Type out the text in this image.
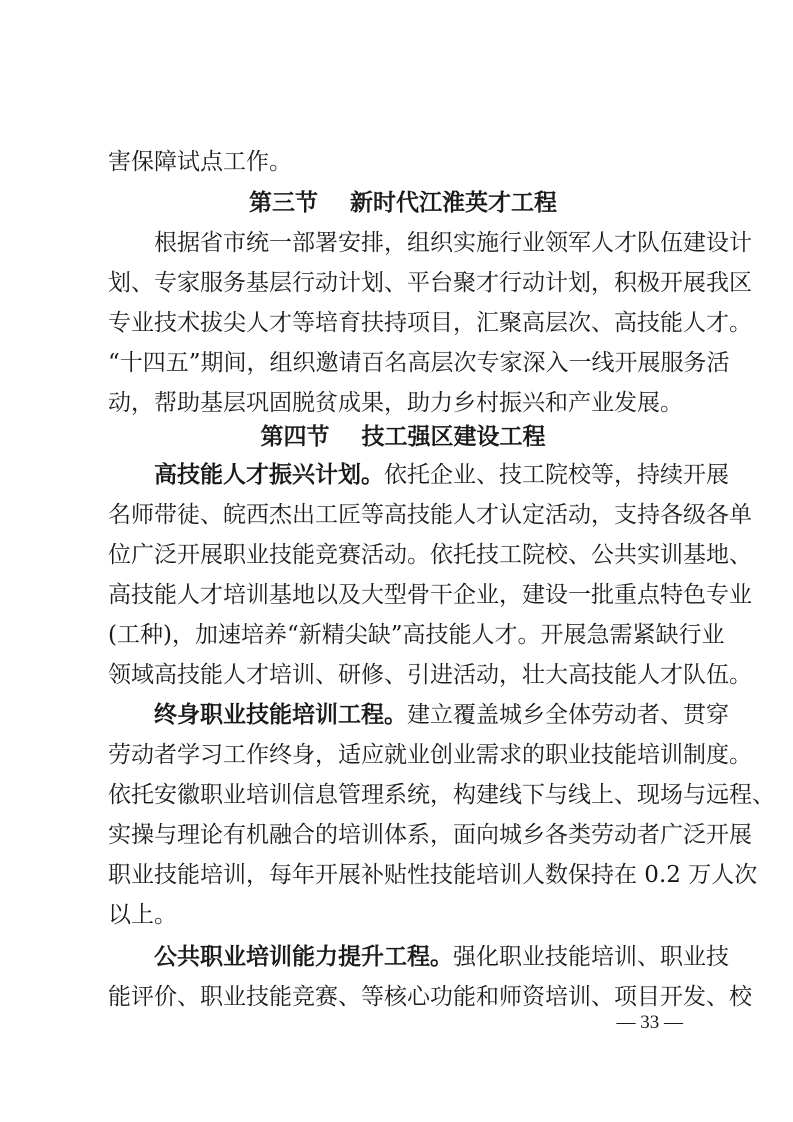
害保障试点工作。
第三节    新时代江淮英才工程
根据省市统一部署安排，组织实施行业领军人才队伍建设计
划、专家服务基层行动计划、平台聚才行动计划，积极开展我区
专业技术拔尖人才等培育扶持项目，汇聚高层次、高技能人才。
“十四五”期间，组织邀请百名高层次专家深入一线开展服务活
动，帮助基层巩固脱贫成果，助力乡村振兴和产业发展。
第四节    技工强区建设工程
高技能人才振兴计划。依托企业、技工院校等，持续开展
名师带徒、皖西杰出工匠等高技能人才认定活动，支持各级各单
位广泛开展职业技能竞赛活动。依托技工院校、公共实训基地、
高技能人才培训基地以及大型骨干企业，建设一批重点特色专业
(工种)，加速培养“新精尖缺”高技能人才。开展急需紧缺行业
领域高技能人才培训、研修、引进活动，壮大高技能人才队伍。
终身职业技能培训工程。建立覆盖城乡全体劳动者、贯穿
劳动者学习工作终身，适应就业创业需求的职业技能培训制度。
依托安徽职业培训信息管理系统，构建线下与线上、现场与远程、
实操与理论有机融合的培训体系，面向城乡各类劳动者广泛开展
职业技能培训，每年开展补贴性技能培训人数保持在 0.2 万人次
以上。
公共职业培训能力提升工程。强化职业技能培训、职业技
能评价、职业技能竞赛、等核心功能和师资培训、项目开发、校
— 33 —
